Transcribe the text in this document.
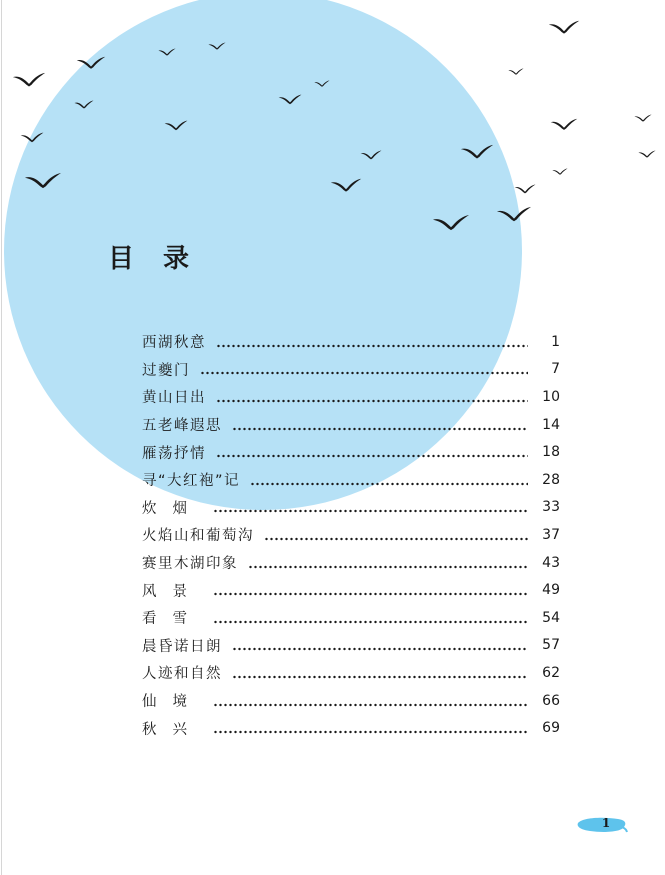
目 录
西湖秋意	1
过夔门	7
黄山日出	10
五老峰遐思	14
雁荡抒情	18
寻“大红袍”记	28
炊烟	33
火焰山和葡萄沟	37
赛里木湖印象	43
风景	49
看雪	54
晨昏诺日朗	57
人迹和自然	62
仙境	66
秋兴	69
1
